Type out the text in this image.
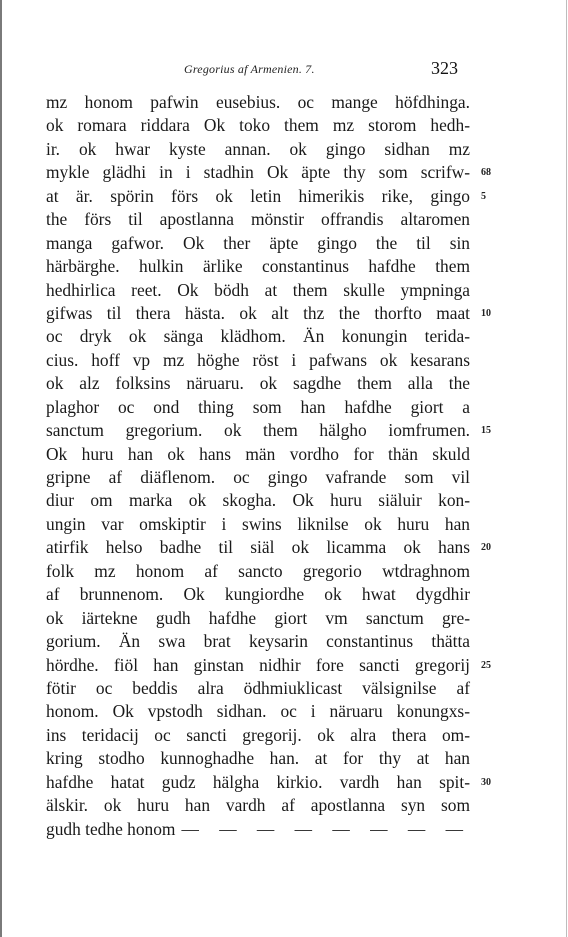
Gregorius af Armenien. 7.	323
mz honom pafwin eusebius. oc mange höfdhinga.
ok romara riddara Ok toko them mz storom hedh-
ir. ok hwar kyste annan. ok gingo sidhan mz
mykle glädhi in i stadhin Ok äpte thy som scrifw- 68
at är. spörin förs ok letin himerikis rike, gingo 5
the förs til apostlanna mönstir offrandis altaromen
manga gafwor. Ok ther äpte gingo the til sin
härbärghe. hulkin ärlike constantinus hafdhe them
hedhirlica reet. Ok bödh at them skulle ympninga
gifwas til thera hästa. ok alt thz the thorfto maat 10
oc dryk ok sänga klädhom. Än konungin terida-
cius. hoff vp mz höghe röst i pafwans ok kesarans
ok alz folksins näruaru. ok sagdhe them alla the
plaghor oc ond thing som han hafdhe giort a
sanctum gregorium. ok them hälgho iomfrumen. 15
Ok huru han ok hans män vordho for thän skuld
gripne af diäflenom. oc gingo vafrande som vil
diur om marka ok skogha. Ok huru siäluir kon-
ungin var omskiptir i swins liknilse ok huru han
atirfik helso badhe til siäl ok licamma ok hans 20
folk mz honom af sancto gregorio wtdraghnom
af brunnenom. Ok kungiordhe ok hwat dygdhir
ok iärtekne gudh hafdhe giort vm sanctum gre-
gorium. Än swa brat keysarin constantinus thätta
hördhe. fiöl han ginstan nidhir fore sancti gregorij 25
fötir oc beddis alra ödhmiuklicast välsignilse af
honom. Ok vpstodh sidhan. oc i näruaru konungxs-
ins teridacij oc sancti gregorij. ok alra thera om-
kring stodho kunnoghadhe han. at for thy at han
hafdhe hatat gudz hälgha kirkio. vardh han spit- 30
älskir. ok huru han vardh af apostlanna syn som
gudh tedhe honom — — — — — — — —
